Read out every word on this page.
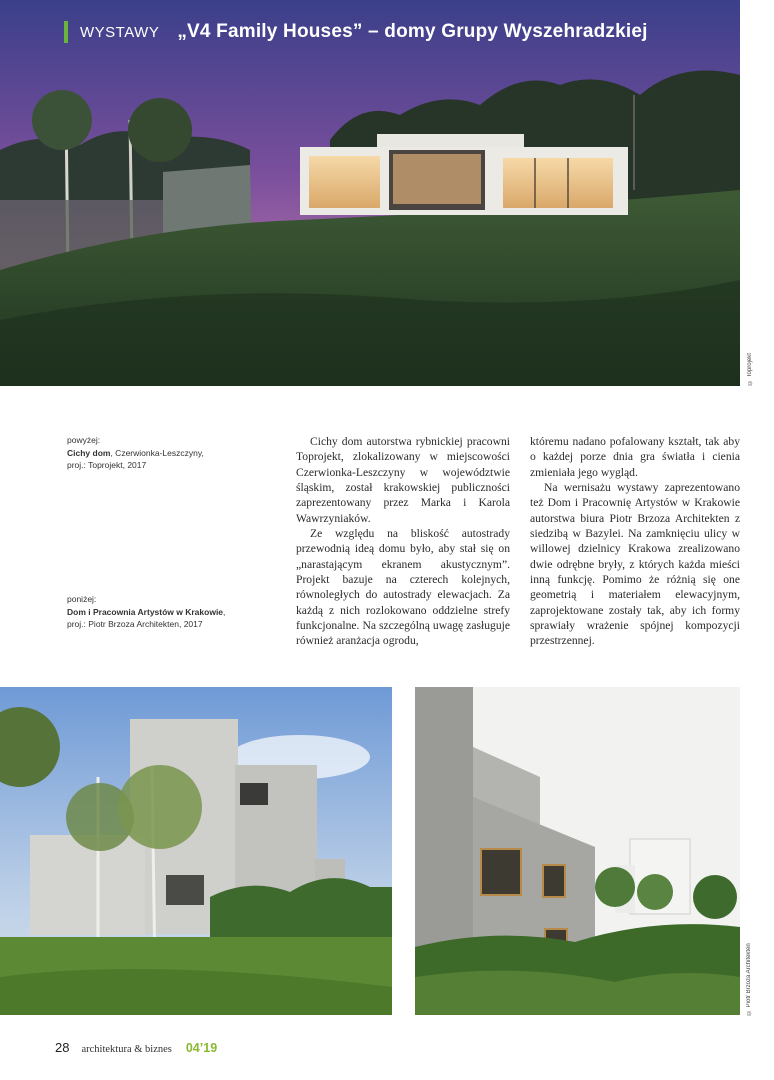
WYSTAWY „V4 Family Houses” – domy Grupy Wyszehradzkiej
© Toprojekt
powyżej:
Cichy dom, Czerwionka-Leszczyny,
proj.: Toprojekt, 2017
poniżej:
Dom i Pracownia Artystów w Krakowie,
proj.: Piotr Brzoza Architekten, 2017

Cichy dom autorstwa rybnickiej pracowni Toprojekt, zlokalizowany w miejscowości Czerwionka-Leszczyny w województwie śląskim, został krakowskiej publiczności zaprezentowany przez Marka i Karola Wawrzyniaków.

Ze względu na bliskość autostrady przewodnią ideą domu było, aby stał się on „narastającym ekranem akustycznym”. Projekt bazuje na czterech kolejnych, równoległych do autostrady elewacjach. Za każdą z nich rozlokowano oddzielne strefy funkcjonalne. Na szczególną uwagę zasługuje również aranżacja ogrodu,

któremu nadano pofalowany kształt, tak aby o każdej porze dnia gra światła i cienia zmieniała jego wygląd.

Na wernisażu wystawy zaprezentowano też Dom i Pracownię Artystów w Krakowie autorstwa biura Piotr Brzoza Architekten z siedzibą w Bazylei. Na zamknięciu ulicy w willowej dzielnicy Krakowa zrealizowano dwie odrębne bryły, z których każda mieści inną funkcję. Pomimo że różnią się one geometrią i materiałem elewacyjnym, zaprojektowane zostały tak, aby ich formy sprawiały wrażenie spójnej kompozycji przestrzennej.

© Piotr Brzoza Architekten	© Piotr Brzoza Architekten
28 architektura & biznes 04’19
